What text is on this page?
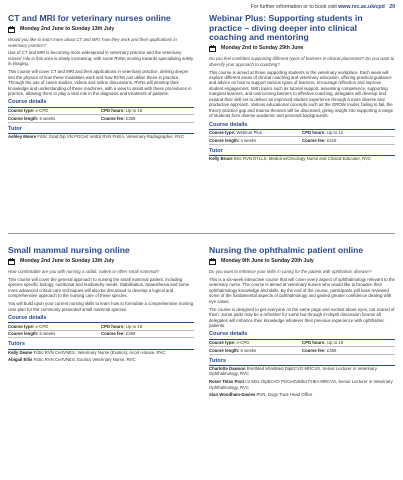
For further information or to book visit www.rvc.ac.uk/cpd 29
CT and MRI for veterinary nurses online
Monday 2nd June to Sunday 13th July

Would you like to learn more about CT and MRI, how they work and their applications in veterinary practice?

Use of CT and MRI is becoming more widespread in veterinary practice and the veterinary nurses' role in this area is slowly increasing, with some RVNs moving towards specialising solely in imaging.

This course will cover CT and MRI and their applications in veterinary practice, delving deeper into the physics of how these modalities work and how RVNs can utilise these in practice. Through the use of cases studies, videos and online discussions, RVNs will develop their knowledge and understanding of these machines, with a view to assist with these procedures in practice, allowing them to play a vital role in the diagnosis and treatment of patients.

Course details
Course type: e-CPD	CPD hours: Up to 18
Course length: 6 weeks	Course fee: £359
Tutor

Ashley Moore FdSc Grad Dip VN PGCert VetEd RVN FHEA, Veterinary Radiographer, RVC

Webinar Plus: Supporting students in practice – diving deeper into clinical coaching and mentoring
Monday 2nd to Sunday 29th June

Do you feel confident supporting different types of learners in clinical placement? Do you want to diversify your approach to coaching?

This course is aimed at those supporting students in the veterinary workplace. Each week will explore different areas of clinical coaching and veterinary education, offering practical guidance and advice on how to support various types of learners, encourage reflection and improve student engagement. With topics such as tutorial support, assessing competence, supporting marginal learners, and overcoming barriers to effective coaching, delegates will develop and expand their skill set to deliver an improved student experience through a more diverse and productive approach. Various educational concepts such as the GROW model, failing to fail, the theory-practice gap and trauma theories will be discussed, giving insight into supporting a range of students from diverse academic and personal backgrounds.

Course details
Course type: Webinar Plus	CPD hours: Up to 12
Course length: 4 weeks	Course fee: £219
Tutor

Kelly Bruce BSc RVN DTLLS, Medicine/Oncology Nurse and Clinical Educator, RVC

Small mammal nursing online
Monday 2nd June to Sunday 13th July

How comfortable are you with nursing a rabbit, rodent or other small mammal?

This course will cover the general approach to nursing the small mammal patient, including species specific biology, nutritional and husbandry needs. Stabilisation, anaesthesia and some more advanced critical care techniques will also be discussed to develop a logical and comprehensive approach to the nursing care of these species.

You will build upon your current nursing skills to learn how to formulate a comprehensive nursing care plan for the commonly presented small mammal species.

Course details
Course type: e-CPD	CPD hours: Up to 18
Course length: 6 weeks	Course fee: £359
Tutors

Kelly Deane FdSc RVN CertVNES, Veterinary Nurse (Exotics), Acorn House, RVC

Abigail Ellis FdSc RVN CertVNES, Exotics Veterinary Nurse, RVC

Nursing the ophthalmic patient online
Monday 9th June to Sunday 20th July

Do you want to enhance your skills in caring for the patient with ophthalmic disease?

This is a six-week interactive course that will cover every aspect of ophthalmology relevant to the veterinary nurse. The course is aimed at veterinary nurses who would like to broaden their ophthalmology knowledge and skills. By the end of the course, participants will have reviewed some of the fundamental aspects of ophthalmology and gained greater confidence dealing with eye cases.

The course is designed to get everyone on the same page and excited about eyes, not scared of them. Some parts may be a refresher for some but through in-depth discussion forums all delegates will enhance their knowledge whatever their previous experience with ophthalmic patients.

Course details
Course type: e-CPD	CPD hours: Up to 18
Course length: 6 weeks	Course fee: £359
Tutors

Charlotte Dawson BVetMed MVetMed DipECVO MRCVS, Senior Lecturer in Veterinary Ophthalmology, RVC

Roser Tetas Pont LV MSc DipECVO PGCertVetEd FHEA MRCVS, Senior Lecturer in Veterinary Ophthalmology, RVC

Sian Woodham-Davies RVN, Dogs Trust Head Office
